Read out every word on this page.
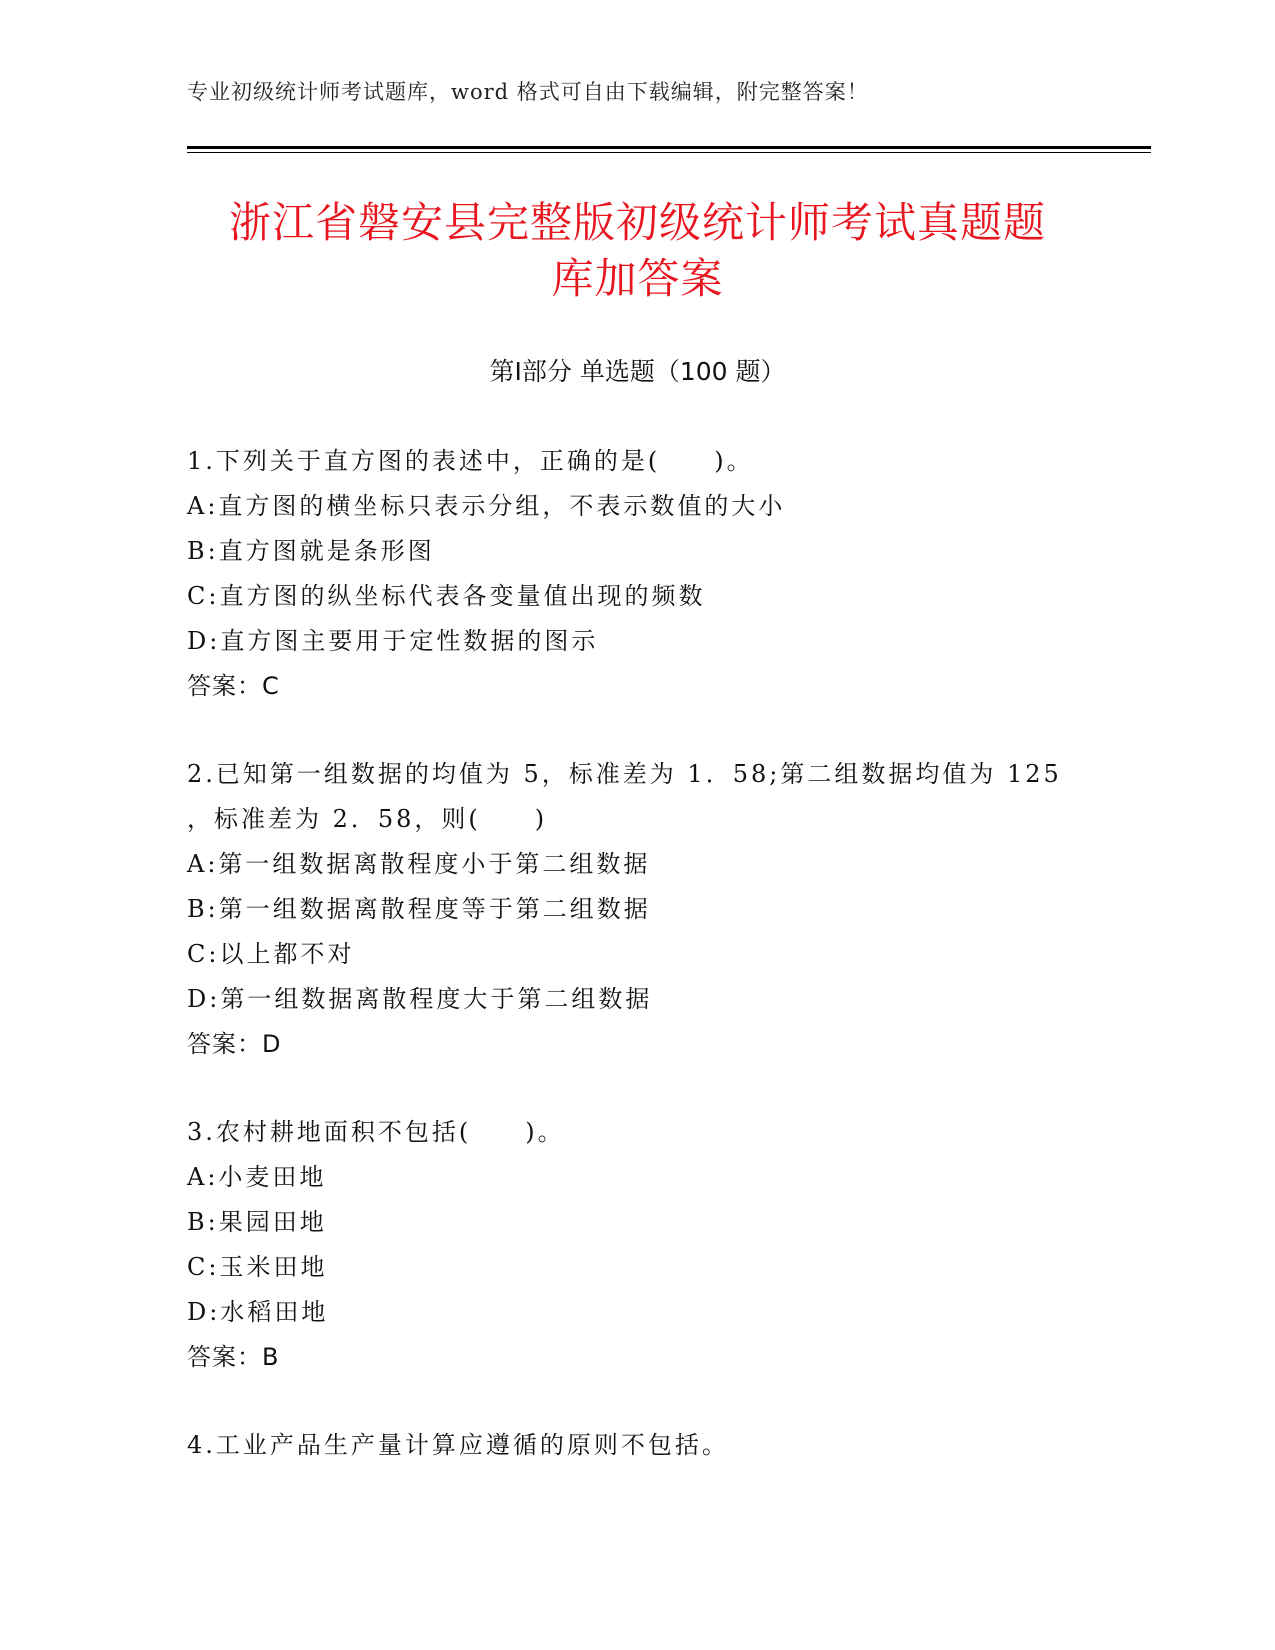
专业初级统计师考试题库，word 格式可自由下载编辑，附完整答案！
浙江省磐安县完整版初级统计师考试真题题
库加答案
第Ⅰ部分 单选题（100 题）
1.下列关于直方图的表述中，正确的是(　　)。
A:直方图的横坐标只表示分组，不表示数值的大小
B:直方图就是条形图
C:直方图的纵坐标代表各变量值出现的频数
D:直方图主要用于定性数据的图示
答案：C
2.已知第一组数据的均值为 5，标准差为 1．58;第二组数据均值为 125
，标准差为 2．58，则(　　)
A:第一组数据离散程度小于第二组数据
B:第一组数据离散程度等于第二组数据
C:以上都不对
D:第一组数据离散程度大于第二组数据
答案：D
3.农村耕地面积不包括(　　)。
A:小麦田地
B:果园田地
C:玉米田地
D:水稻田地
答案：B
4.工业产品生产量计算应遵循的原则不包括。
